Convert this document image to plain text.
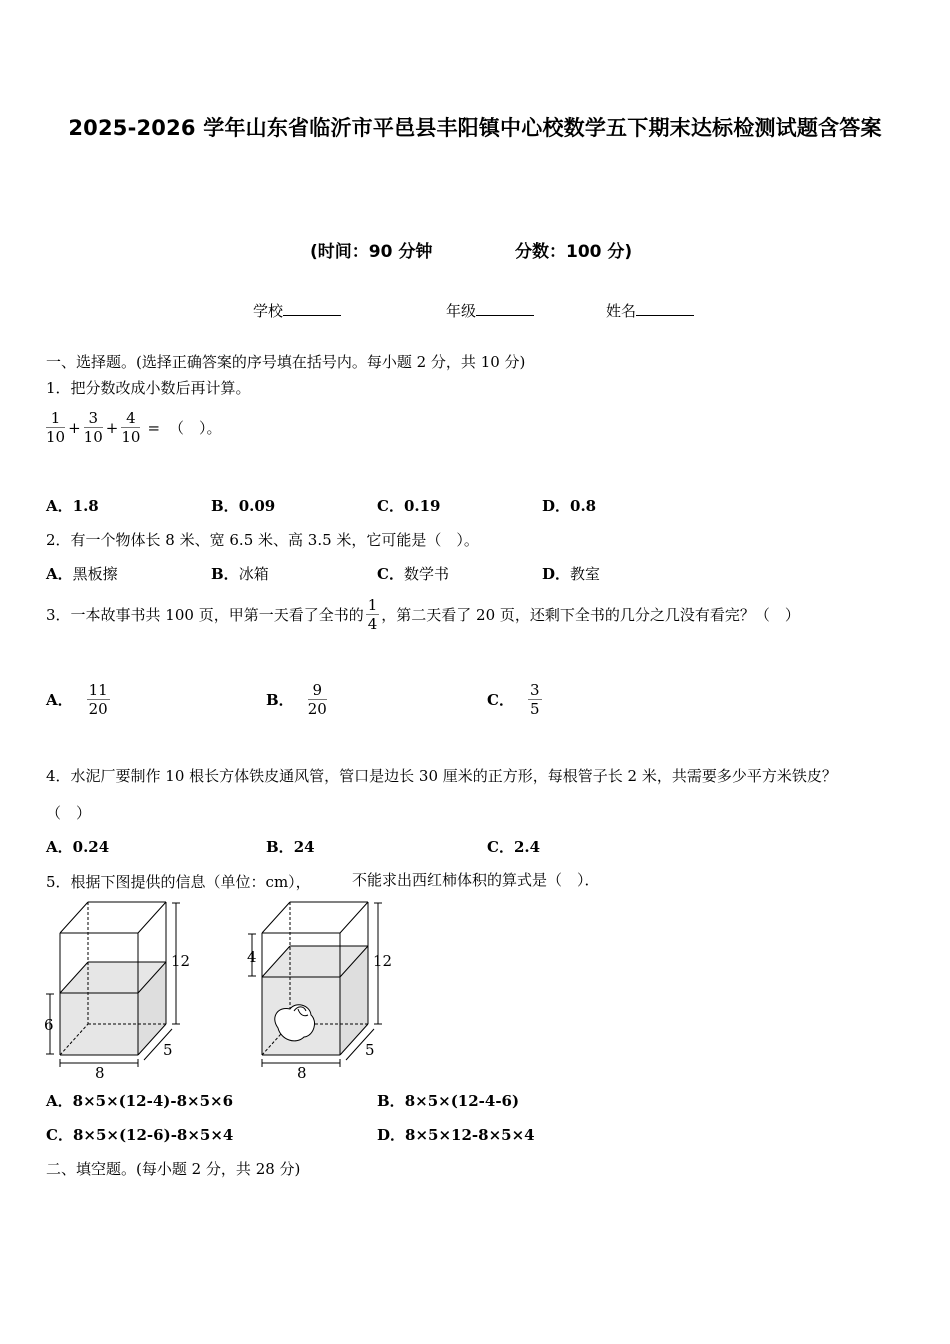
2025-2026 学年山东省临沂市平邑县丰阳镇中心校数学五下期末达标检测试题含答案
(时间：90 分钟	分数：100 分)
学校	年级	姓名
一、选择题。(选择正确答案的序号填在括号内。每小题 2 分，共 10 分)
1．把分数改成小数后再计算。
$\frac{1}{10} + \frac{3}{10} + \frac{4}{10}$ = （　）。
A．1.8	B．0.09	C．0.19	D．0.8
2．有一个物体长 8 米、宽 6.5 米、高 3.5 米，它可能是（　）。
A．黑板擦	B．冰箱	C．数学书	D．教室
3．一本故事书共 100 页，甲第一天看了全书的 $\frac{1}{4}$ ，第二天看了 20 页，还剩下全书的几分之几没有看完？（　）
A． $\frac{11}{20}$	B． $\frac{9}{20}$	C． $\frac{3}{5}$
4．水泥厂要制作 10 根长方体铁皮通风管，管口是边长 30 厘米的正方形，每根管子长 2 米，共需要多少平方米铁皮？
（　）
A．0.24	B．24	C．2.4
5．根据下图提供的信息（单位：cm），	不能求出西红柿体积的算式是（　）．
12
6
8
5
12
4
8
5
A．8×5×(12-4)-8×5×6	B．8×5×(12-4-6)
C．8×5×(12-6)-8×5×4	D．8×5×12-8×5×4
二、填空题。(每小题 2 分，共 28 分)
